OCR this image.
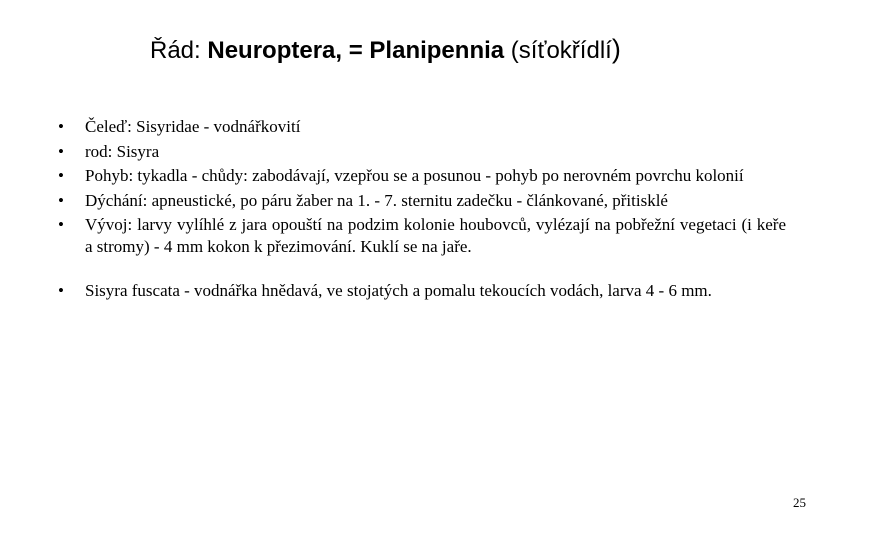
Řád: Neuroptera, = Planipennia (síťokřídlí)
• Čeleď: Sisyridae - vodnářkovití
• rod: Sisyra
• Pohyb: tykadla - chůdy: zabodávají, vzepřou se a posunou - pohyb po nerovném povrchu kolonií
• Dýchání: apneustické, po páru žaber na 1. - 7. sternitu zadečku - článkované, přitisklé
• Vývoj: larvy vylíhlé z jara opouští na podzim kolonie houbovců, vylézají na pobřežní vegetaci (i keře a stromy) - 4 mm kokon k přezimování. Kuklí se na jaře.
• Sisyra fuscata - vodnářka hnědavá, ve stojatých a pomalu tekoucích vodách, larva 4 - 6 mm.
25
